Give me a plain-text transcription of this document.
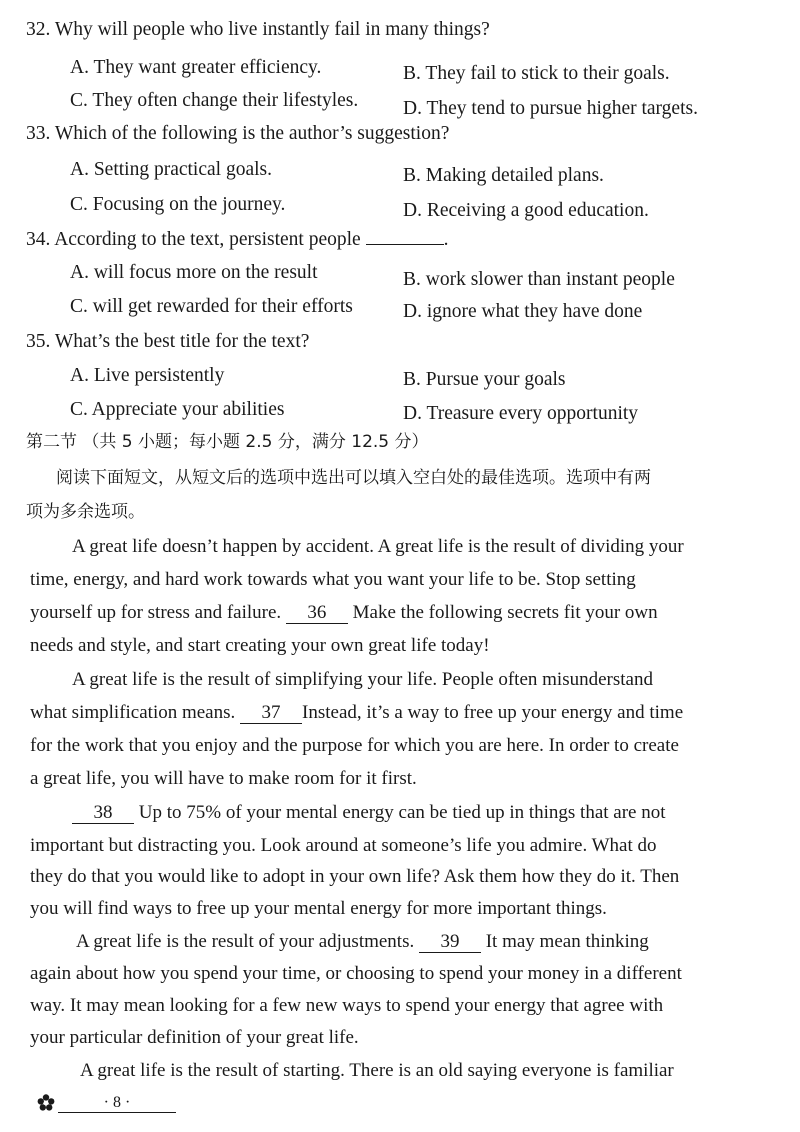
32. Why will people who live instantly fail in many things?
A. They want greater efficiency.	B. They fail to stick to their goals.
C. They often change their lifestyles. D. They tend to pursue higher targets.
33. Which of the following is the author’s suggestion?
A. Setting practical goals.	B. Making detailed plans.
C. Focusing on the journey.	D. Receiving a good education.
34. According to the text, persistent people	.
A. will focus more on the result	B. work slower than instant people
C. will get rewarded for their efforts	D. ignore what they have done
35. What’s the best title for the text?
A. Live persistently	B. Pursue your goals
C. Appreciate your abilities	D. Treasure every opportunity
第二节 （共 5 小题；每小题 2.5 分，满分 12.5 分）
阅读下面短文，从短文后的选项中选出可以填入空白处的最佳选项。选项中有两
项为多余选项。
A great life doesn’t happen by accident. A great life is the result of dividing your
time, energy, and hard work towards what you want your life to be. Stop setting
yourself up for stress and failure. 36 Make the following secrets fit your own
needs and style, and start creating your own great life today!
A great life is the result of simplifying your life. People often misunderstand
what simplification means. 37 Instead, it’s a way to free up your energy and time
for the work that you enjoy and the purpose for which you are here. In order to create
a great life, you will have to make room for it first.
38 Up to 75% of your mental energy can be tied up in things that are not
important but distracting you. Look around at someone’s life you admire. What do
they do that you would like to adopt in your own life? Ask them how they do it. Then
you will find ways to free up your mental energy for more important things.
A great life is the result of your adjustments. 39 It may mean thinking
again about how you spend your time, or choosing to spend your money in a different
way. It may mean looking for a few new ways to spend your energy that agree with
your particular definition of your great life.
A great life is the result of starting. There is an old saying everyone is familiar
· 8 ·
